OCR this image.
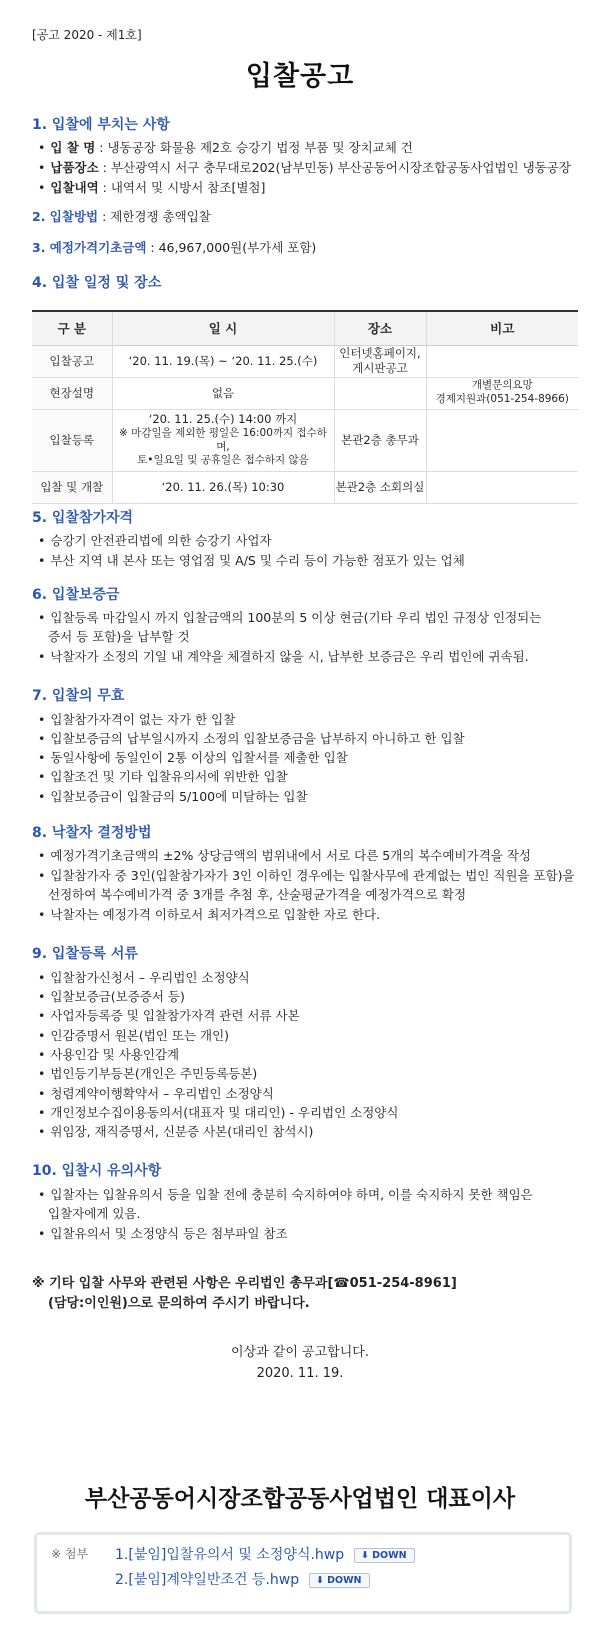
[공고 2020 - 제1호]
입찰공고
1. 입찰에 부치는 사항
• 입 찰 명 : 냉동공장 화물용 제2호 승강기 법정 부품 및 장치교체 건
• 납품장소 : 부산광역시 서구 충무대로202(남부민동) 부산공동어시장조합공동사업법인 냉동공장
• 입찰내역 : 내역서 및 시방서 참조[별첨]
2. 입찰방법 : 제한경쟁 총액입찰
3. 예정가격기초금액 : 46,967,000원(부가세 포함)
4. 입찰 일정 및 장소
구 분	일 시	장소	비고
입찰공고	‘20. 11. 19.(목) ~ ‘20. 11. 25.(수)	인터넷홈페이지,
게시판공고	

현장설명	없음		개별문의요망
경제지원과(051-254-8966)

입찰등록	‘20. 11. 25.(수) 14:00 까지
※ 마감일을 제외한 평일은 16:00까지 접수하며,
토•일요일 및 공휴일은 접수하지 않음	본관2층 총무과	
입찰 및 개찰	‘20. 11. 26.(목) 10:30	본관2층 소회의실	
5. 입찰참가자격
• 승강기 안전관리법에 의한 승강기 사업자
• 부산 지역 내 본사 또는 영업점 및 A/S 및 수리 등이 가능한 점포가 있는 업체
6. 입찰보증금
• 입찰등록 마감일시 까지 입찰금액의 100분의 5 이상 현금(기타 우리 법인 규정상 인정되는
증서 등 포함)을 납부할 것
• 낙찰자가 소정의 기일 내 계약을 체결하지 않을 시, 납부한 보증금은 우리 법인에 귀속됨.
7. 입찰의 무효
• 입찰참가자격이 없는 자가 한 입찰
• 입찰보증금의 납부일시까지 소정의 입찰보증금을 납부하지 아니하고 한 입찰
• 동일사항에 동일인이 2통 이상의 입찰서를 제출한 입찰
• 입찰조건 및 기타 입찰유의서에 위반한 입찰
• 입찰보증금이 입찰금의 5/100에 미달하는 입찰
8. 낙찰자 결정방법
• 예정가격기초금액의 ±2% 상당금액의 범위내에서 서로 다른 5개의 복수예비가격을 작성
• 입찰참가자 중 3인(입찰참가자가 3인 이하인 경우에는 입찰사무에 관계없는 법인 직원을 포함)을
선정하여 복수예비가격 중 3개를 추첨 후, 산술평균가격을 예정가격으로 확정
• 낙찰자는 예정가격 이하로서 최저가격으로 입찰한 자로 한다.
9. 입찰등록 서류
• 입찰참가신청서 – 우리법인 소정양식
• 입찰보증금(보증증서 등)
• 사업자등록증 및 입찰참가자격 관련 서류 사본
• 인감증명서 원본(법인 또는 개인)
• 사용인감 및 사용인감계
• 법인등기부등본(개인은 주민등록등본)
• 청렴계약이행확약서 – 우리법인 소정양식
• 개인정보수집이용동의서(대표자 및 대리인) - 우리법인 소정양식
• 위임장, 재직증명서, 신분증 사본(대리인 참석시)
10. 입찰시 유의사항
• 입찰자는 입찰유의서 등을 입찰 전에 충분히 숙지하여야 하며, 이를 숙지하지 못한 책임은
입찰자에게 있음.
• 입찰유의서 및 소정양식 등은 첨부파일 참조
※ 기타 입찰 사무와 관련된 사항은 우리법인 총무과[☎051-254-8961]
(담당:이인원)으로 문의하여 주시기 바랍니다.
이상과 같이 공고합니다.
2020. 11. 19.
부산공동어시장조합공동사업법인 대표이사
※ 첨부 1.[붙임]입찰유의서 및 소정양식.hwp ⬇ DOWN
2.[붙임]계약일반조건 등.hwp ⬇ DOWN
